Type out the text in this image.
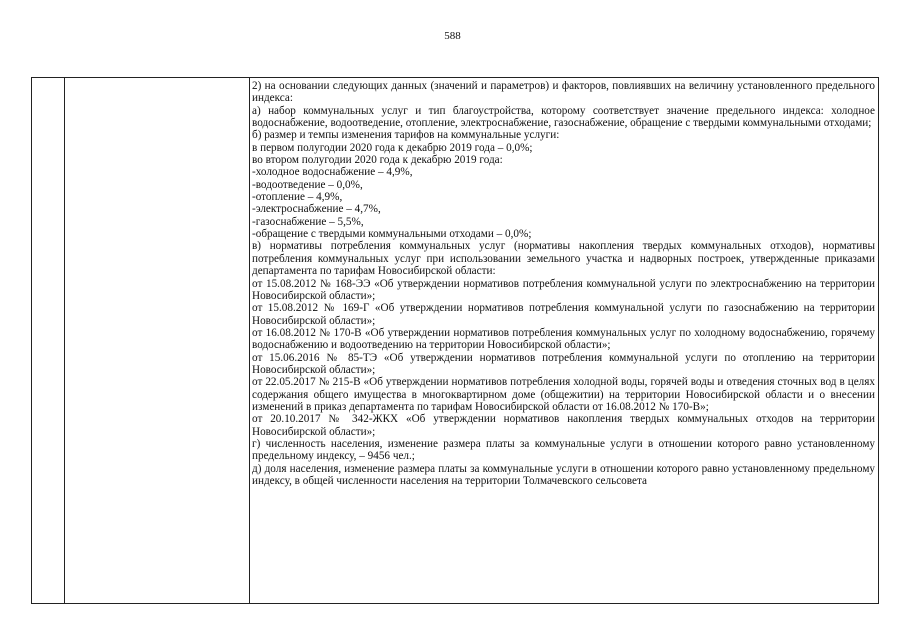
588

2) на основании следующих данных (значений и параметров) и факторов, повлиявших на величину установленного предельного индекса:

а) набор коммунальных услуг и тип благоустройства, которому соответствует значение предельного индекса: холодное водоснабжение, водоотведение, отопление, электроснабжение, газоснабжение, обращение с твердыми коммунальными отходами;

б) размер и темпы изменения тарифов на коммунальные услуги:

в первом полугодии 2020 года к декабрю 2019 года – 0,0%;

во втором полугодии 2020 года к декабрю 2019 года:

-холодное водоснабжение – 4,9%,

-водоотведение – 0,0%,

-отопление – 4,9%,

-электроснабжение – 4,7%,

-газоснабжение – 5,5%,

-обращение с твердыми коммунальными отходами – 0,0%;

в) нормативы потребления коммунальных услуг (нормативы накопления твердых коммунальных отходов), нормативы потребления коммунальных услуг при использовании земельного участка и надворных построек, утвержденные приказами департамента по тарифам Новосибирской области:

от 15.08.2012 № 168-ЭЭ «Об утверждении нормативов потребления коммунальной услуги по электроснабжению на территории Новосибирской области»;

от 15.08.2012 № 169-Г «Об утверждении нормативов потребления коммунальной услуги по газоснабжению на территории Новосибирской области»;

от 16.08.2012 № 170-В «Об утверждении нормативов потребления коммунальных услуг по холодному водоснабжению, горячему водоснабжению и водоотведению на территории Новосибирской области»;

от 15.06.2016 № 85-ТЭ «Об утверждении нормативов потребления коммунальной услуги по отоплению на территории Новосибирской области»;

от 22.05.2017 № 215-В «Об утверждении нормативов потребления холодной воды, горячей воды и отведения сточных вод в целях содержания общего имущества в многоквартирном доме (общежитии) на территории Новосибирской области и о внесении изменений в приказ департамента по тарифам Новосибирской области от 16.08.2012 № 170-В»;

от 20.10.2017 № 342-ЖКХ «Об утверждении нормативов накопления твердых коммунальных отходов на территории Новосибирской области»;

г) численность населения, изменение размера платы за коммунальные услуги в отношении которого равно установленному предельному индексу, – 9456 чел.;

д) доля населения, изменение размера платы за коммунальные услуги в отношении которого равно установленному предельному индексу, в общей численности населения на территории Толмачевского сельсовета
